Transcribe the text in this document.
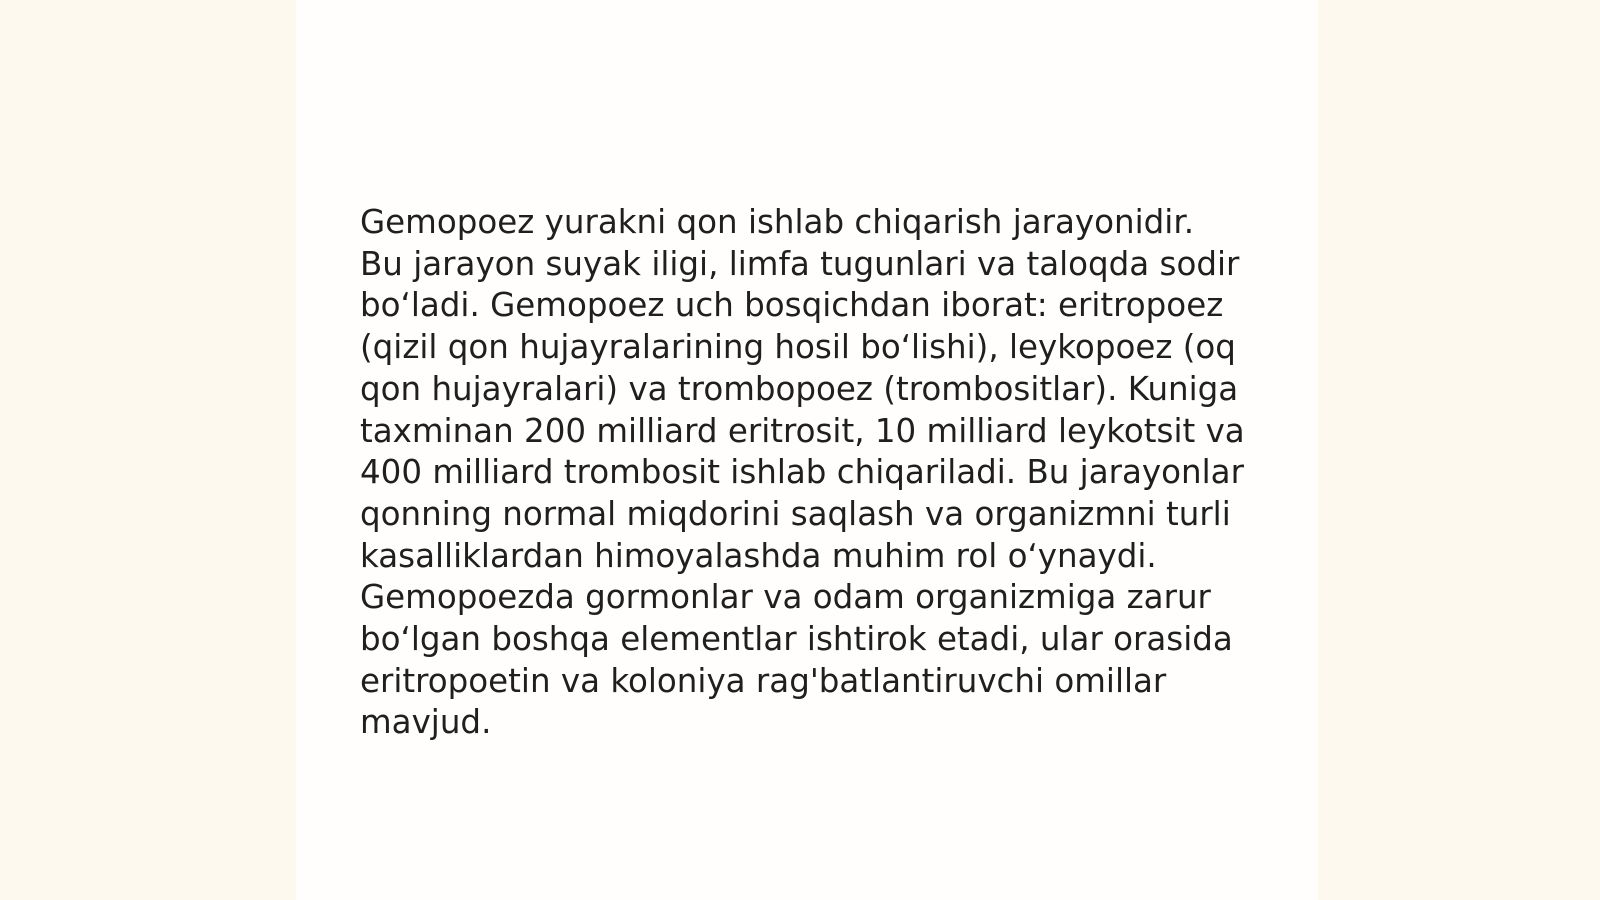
Gemopoez yurakni qon ishlab chiqarish jarayonidir.
Bu jarayon suyak iligi, limfa tugunlari va taloqda sodir
boʻladi. Gemopoez uch bosqichdan iborat: eritropoez
(qizil qon hujayralarining hosil boʻlishi), leykopoez (oq
qon hujayralari) va trombopoez (trombositlar). Kuniga
taxminan 200 milliard eritrosit, 10 milliard leykotsit va
400 milliard trombosit ishlab chiqariladi. Bu jarayonlar
qonning normal miqdorini saqlash va organizmni turli
kasalliklardan himoyalashda muhim rol oʻynaydi.
Gemopoezda gormonlar va odam organizmiga zarur
boʻlgan boshqa elementlar ishtirok etadi, ular orasida
eritropoetin va koloniya rag'batlantiruvchi omillar
mavjud.
